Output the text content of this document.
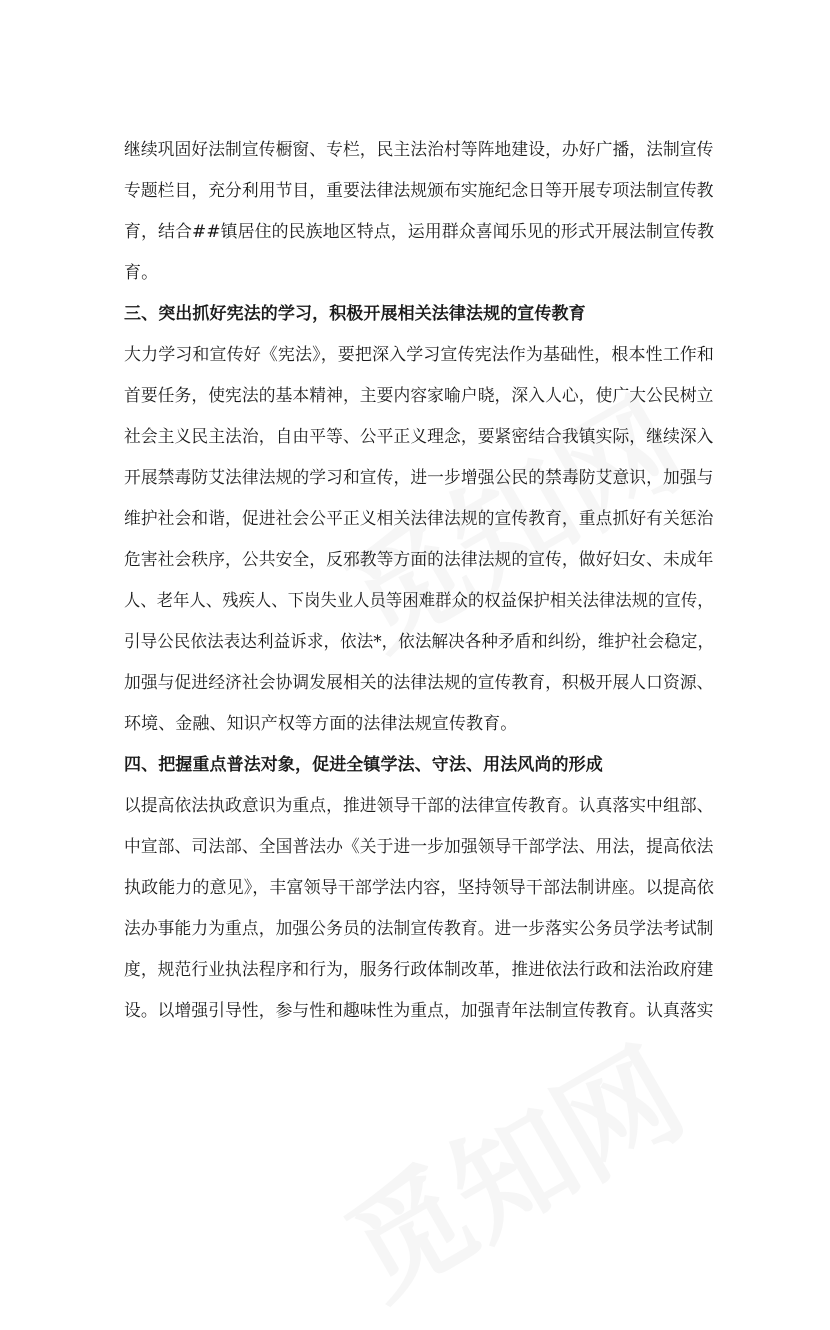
继续巩固好法制宣传橱窗、专栏，民主法治村等阵地建设，办好广播，法制宣传
专题栏目，充分利用节目，重要法律法规颁布实施纪念日等开展专项法制宣传教
育，结合##镇居住的民族地区特点，运用群众喜闻乐见的形式开展法制宣传教
育。
三、突出抓好宪法的学习，积极开展相关法律法规的宣传教育
大力学习和宣传好《宪法》，要把深入学习宣传宪法作为基础性，根本性工作和
首要任务，使宪法的基本精神，主要内容家喻户晓，深入人心，使广大公民树立
社会主义民主法治，自由平等、公平正义理念，要紧密结合我镇实际，继续深入
开展禁毒防艾法律法规的学习和宣传，进一步增强公民的禁毒防艾意识，加强与
维护社会和谐，促进社会公平正义相关法律法规的宣传教育，重点抓好有关惩治
危害社会秩序，公共安全，反邪教等方面的法律法规的宣传，做好妇女、未成年
人、老年人、残疾人、下岗失业人员等困难群众的权益保护相关法律法规的宣传，
引导公民依法表达利益诉求，依法*，依法解决各种矛盾和纠纷，维护社会稳定，
加强与促进经济社会协调发展相关的法律法规的宣传教育，积极开展人口资源、
环境、金融、知识产权等方面的法律法规宣传教育。
四、把握重点普法对象，促进全镇学法、守法、用法风尚的形成
以提高依法执政意识为重点，推进领导干部的法律宣传教育。认真落实中组部、
中宣部、司法部、全国普法办《关于进一步加强领导干部学法、用法，提高依法
执政能力的意见》，丰富领导干部学法内容，坚持领导干部法制讲座。以提高依
法办事能力为重点，加强公务员的法制宣传教育。进一步落实公务员学法考试制
度，规范行业执法程序和行为，服务行政体制改革，推进依法行政和法治政府建
设。以增强引导性，参与性和趣味性为重点，加强青年法制宣传教育。认真落实
